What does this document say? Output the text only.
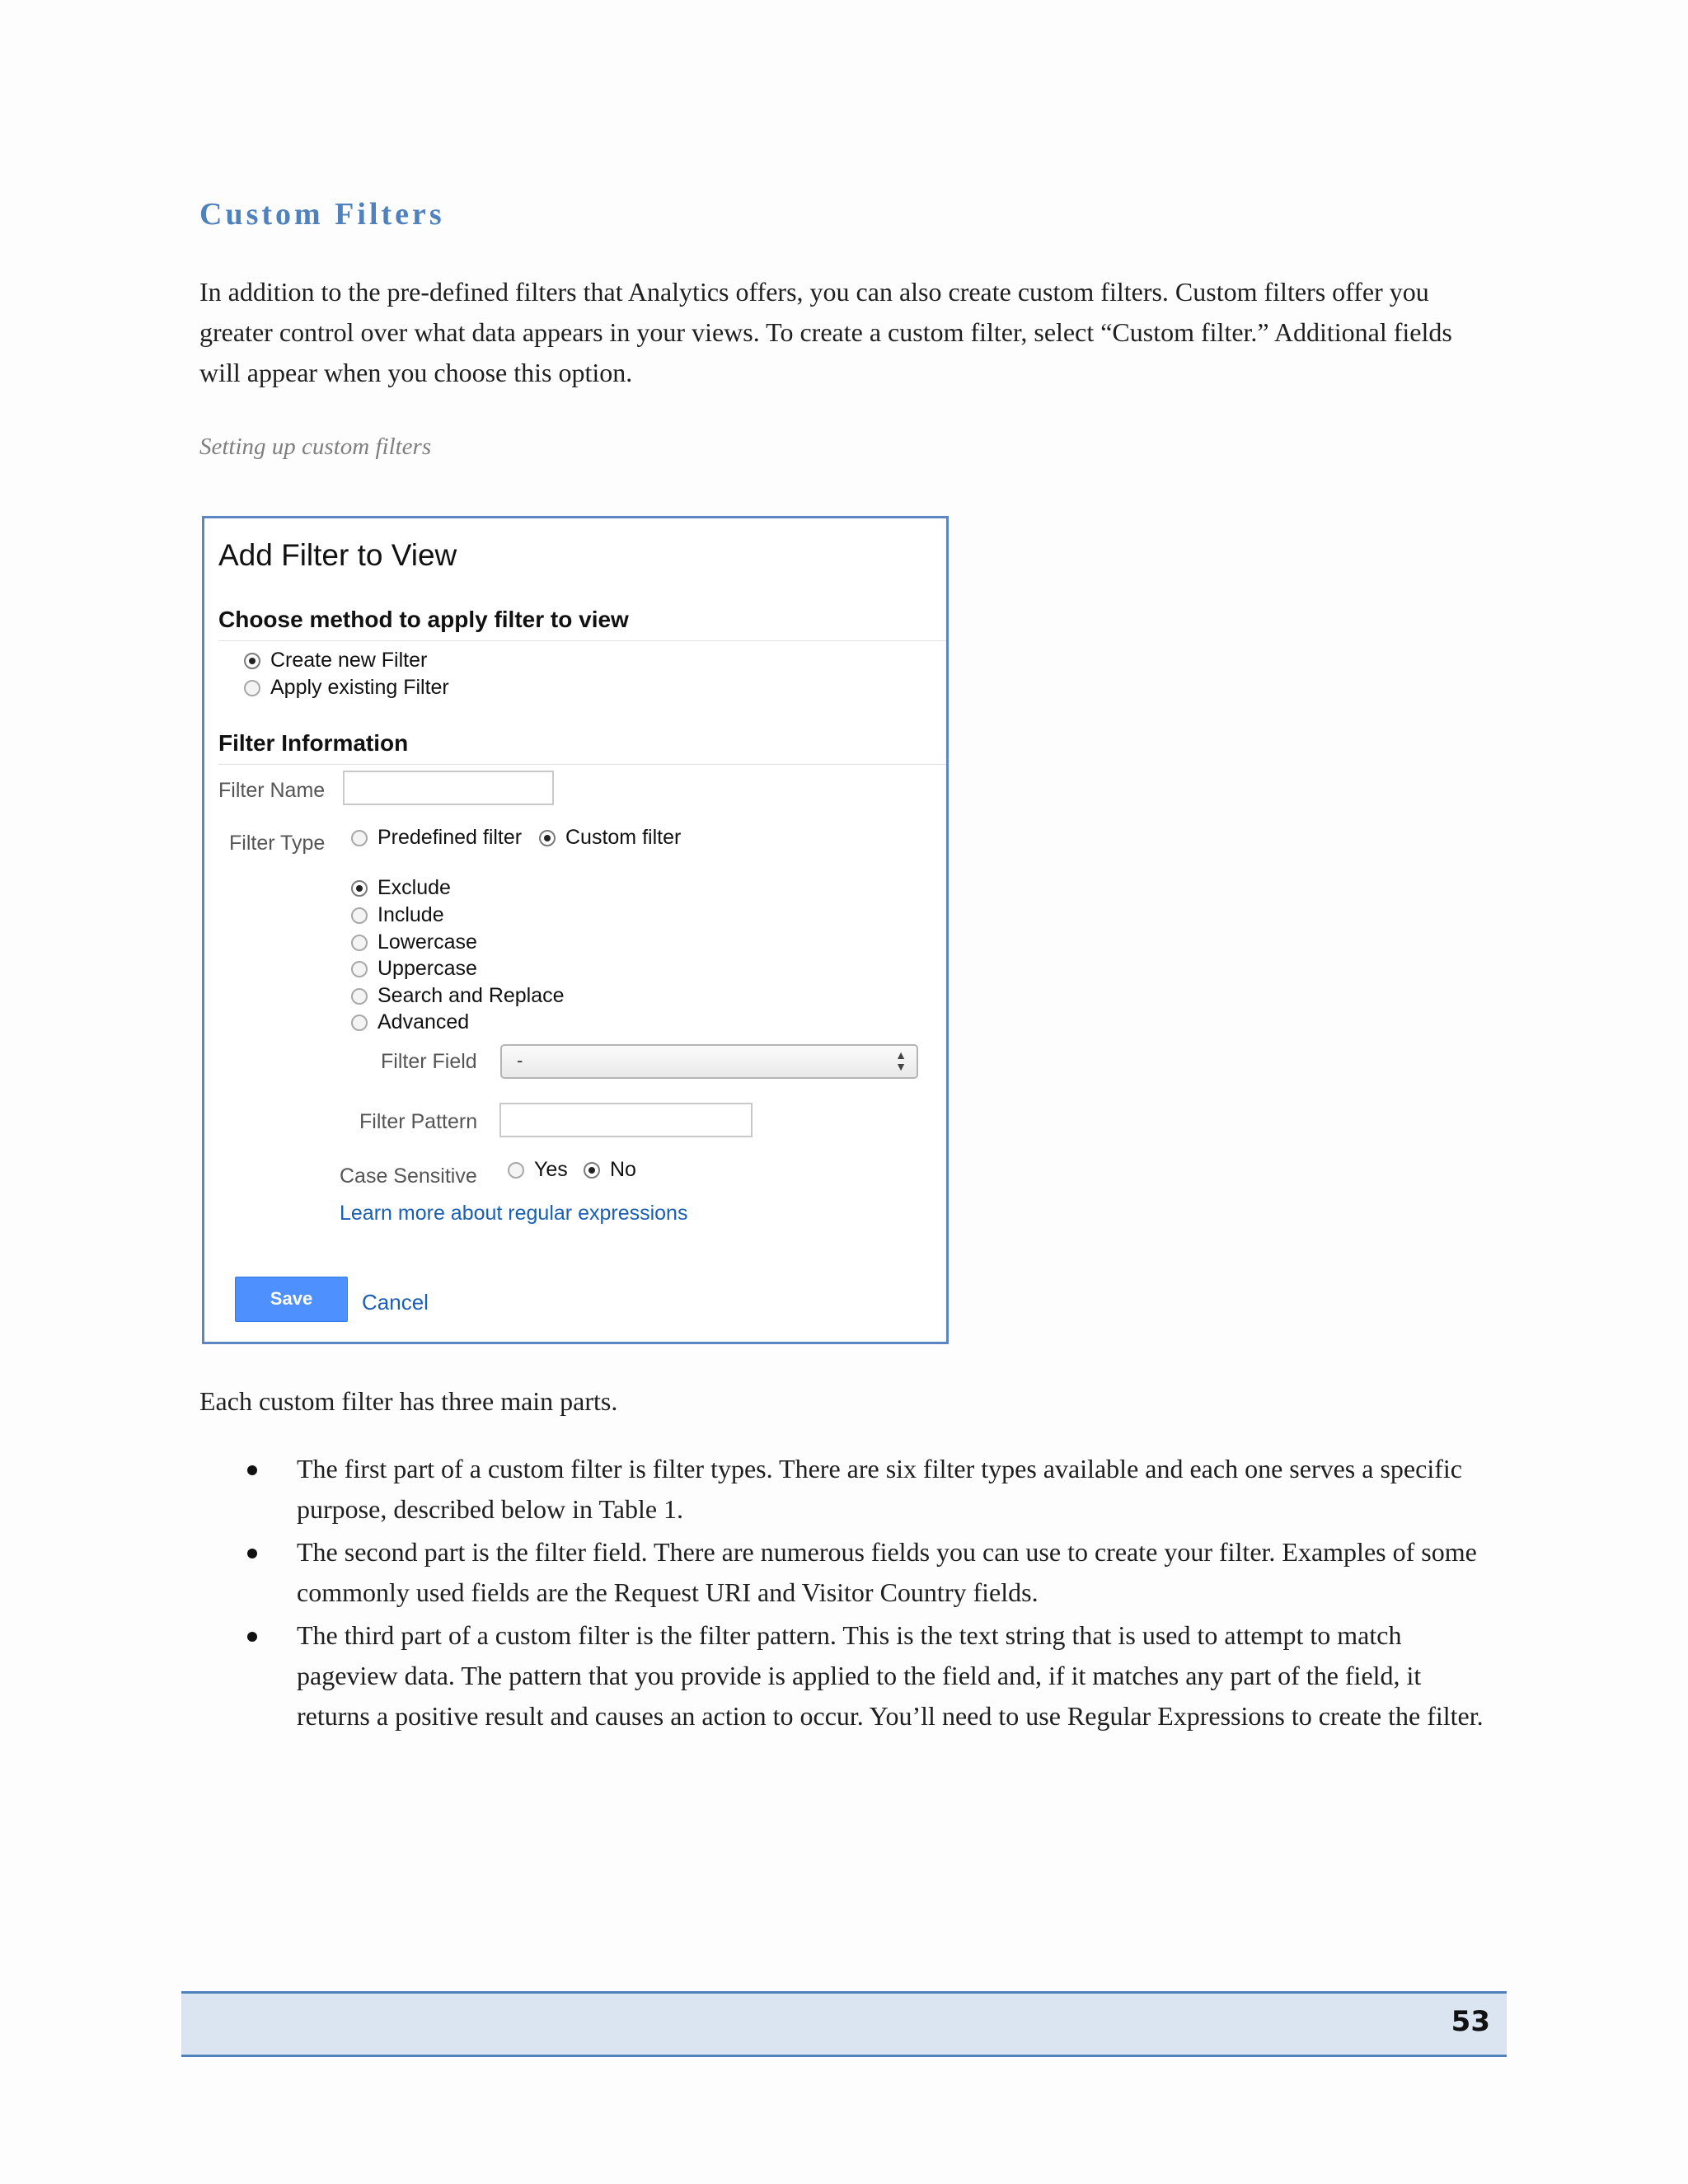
Custom Filters

In addition to the pre-defined filters that Analytics offers, you can also create custom filters. Custom filters offer you greater control over what data appears in your views. To create a custom filter, select “Custom filter.” Additional fields will appear when you choose this option.

Setting up custom filters

Add Filter to View
Choose method to apply filter to view
Create new Filter
Apply existing Filter
Filter Information
Filter Name
Filter Type	Predefined filter Custom filter
Exclude
Include
Lowercase
Uppercase
Search and Replace
Advanced
Filter Field	-	▲
▼
Filter Pattern
Case Sensitive	Yes No
Learn more about regular expressions
Save	Cancel

Each custom filter has three main parts.

The first part of a custom filter is filter types. There are six filter types available and each one serves a specific purpose, described below in Table 1.
The second part is the filter field. There are numerous fields you can use to create your filter. Examples of some commonly used fields are the Request URI and Visitor Country fields.
The third part of a custom filter is the filter pattern. This is the text string that is used to attempt to match pageview data. The pattern that you provide is applied to the field and, if it matches any part of the field, it returns a positive result and causes an action to occur. You’ll need to use Regular Expressions to create the filter.
53
